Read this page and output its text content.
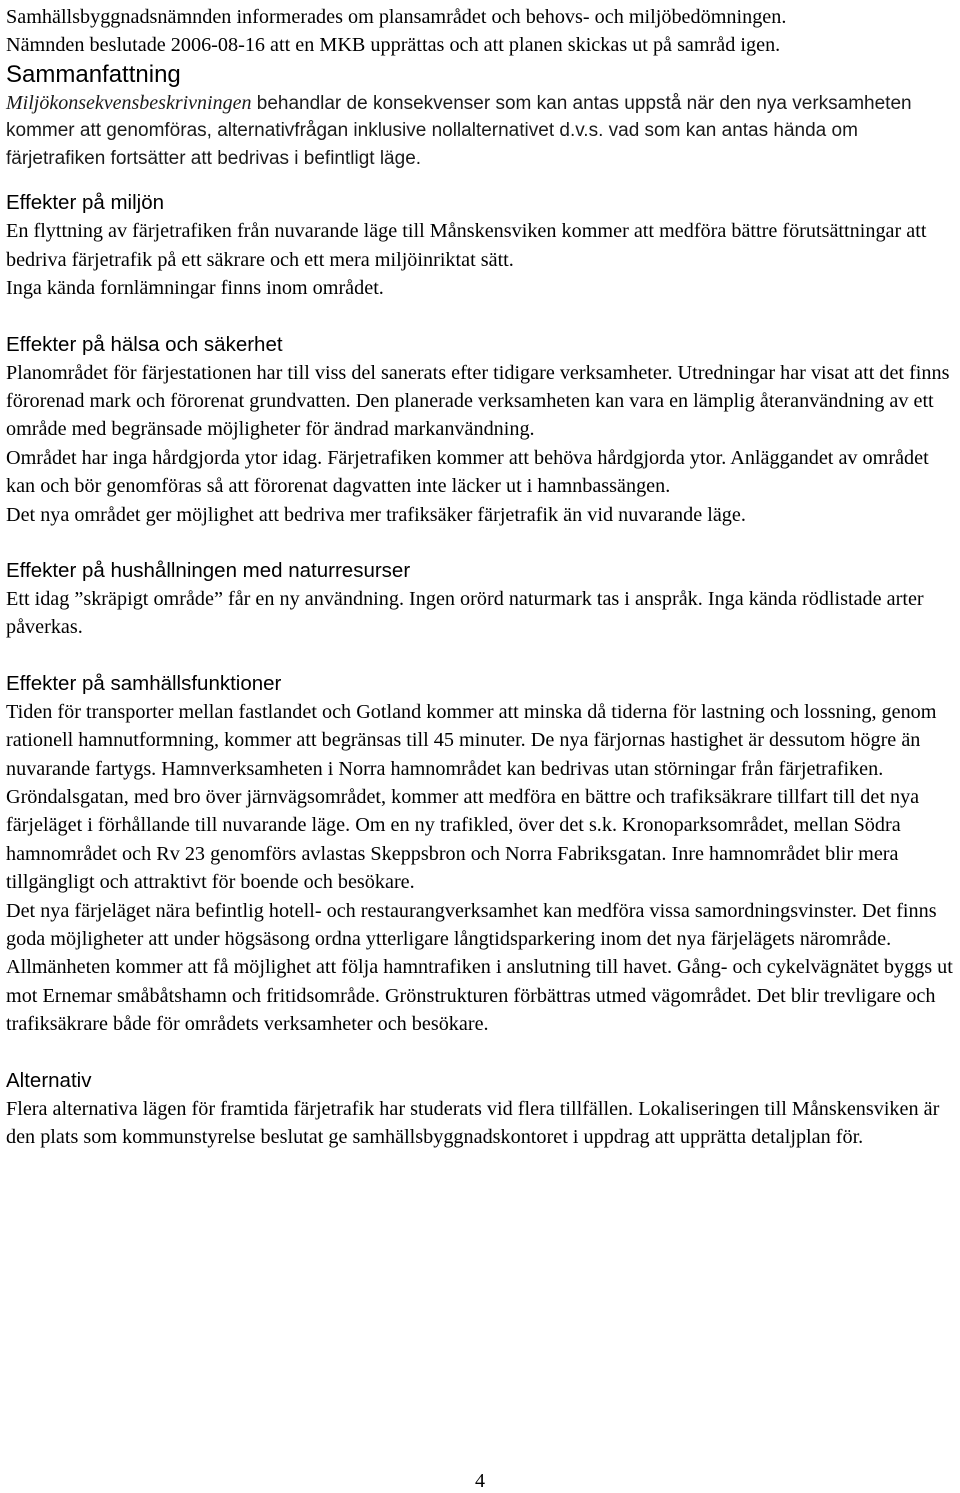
Samhällsbyggnadsnämnden informerades om plansamrådet och behovs- och miljöbedömningen.

Nämnden beslutade 2006-08-16 att en MKB upprättas och att planen skickas ut på samråd igen.

Sammanfattning

Miljökonsekvensbeskrivningen behandlar de konsekvenser som kan antas uppstå när den nya verksamheten kommer att genomföras, alternativfrågan inklusive nollalternativet d.v.s. vad som kan antas hända om färjetrafiken fortsätter att bedrivas i befintligt läge.

Effekter på miljön

En flyttning av färjetrafiken från nuvarande läge till Månskensviken kommer att medföra bättre förutsättningar att bedriva färjetrafik på ett säkrare och ett mera miljöinriktat sätt.

Inga kända fornlämningar finns inom området.

Effekter på hälsa och säkerhet

Planområdet för färjestationen har till viss del sanerats efter tidigare verksamheter. Utredningar har visat att det finns förorenad mark och förorenat grundvatten. Den planerade verksamheten kan vara en lämplig återanvändning av ett område med begränsade möjligheter för ändrad markanvändning.

Området har inga hårdgjorda ytor idag. Färjetrafiken kommer att behöva hårdgjorda ytor. Anläggandet av området kan och bör genomföras så att förorenat dagvatten inte läcker ut i hamnbassängen.

Det nya området ger möjlighet att bedriva mer trafiksäker färjetrafik än vid nuvarande läge.

Effekter på hushållningen med naturresurser

Ett idag ”skräpigt område” får en ny användning. Ingen orörd naturmark tas i anspråk. Inga kända rödlistade arter påverkas.

Effekter på samhällsfunktioner

Tiden för transporter mellan fastlandet och Gotland kommer att minska då tiderna för lastning och lossning, genom rationell hamnutformning, kommer att begränsas till 45 minuter. De nya färjornas hastighet är dessutom högre än nuvarande fartygs. Hamnverksamheten i Norra hamnområdet kan bedrivas utan störningar från färjetrafiken.

Gröndalsgatan, med bro över järnvägsområdet, kommer att medföra en bättre och trafiksäkrare tillfart till det nya färjeläget i förhållande till nuvarande läge. Om en ny trafikled, över det s.k. Kronoparksområdet, mellan Södra hamnområdet och Rv 23 genomförs avlastas Skeppsbron och Norra Fabriksgatan. Inre hamnområdet blir mera tillgängligt och attraktivt för boende och besökare.

Det nya färjeläget nära befintlig hotell- och restaurangverksamhet kan medföra vissa samordningsvinster. Det finns goda möjligheter att under högsäsong ordna ytterligare långtidsparkering inom det nya färjelägets närområde.

Allmänheten kommer att få möjlighet att följa hamntrafiken i anslutning till havet. Gång- och cykelvägnätet byggs ut mot Ernemar småbåtshamn och fritidsområde. Grönstrukturen förbättras utmed vägområdet. Det blir trevligare och trafiksäkrare både för områdets verksamheter och besökare.

Alternativ

Flera alternativa lägen för framtida färjetrafik har studerats vid flera tillfällen. Lokaliseringen till Månskensviken är den plats som kommunstyrelse beslutat ge samhällsbyggnadskontoret i uppdrag att upprätta detaljplan för.

4
